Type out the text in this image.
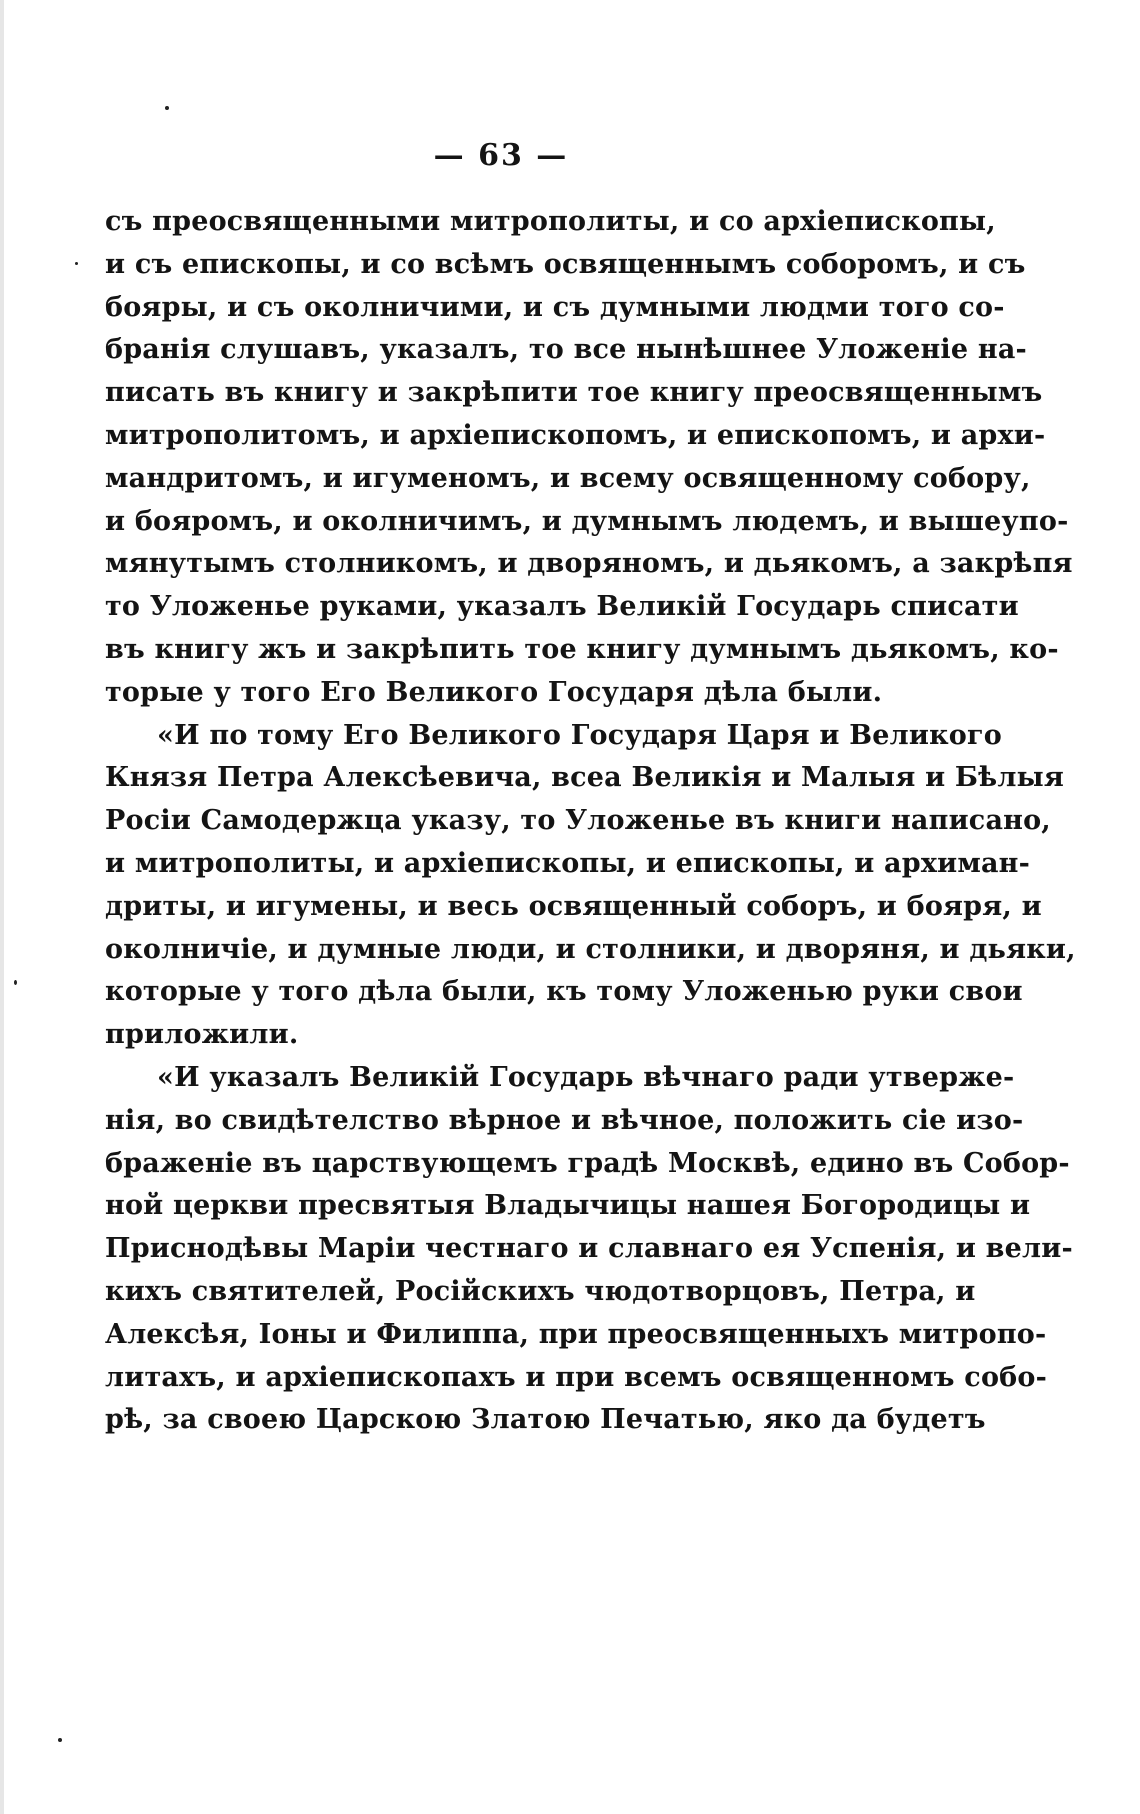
— 63 —
съ преосвященными митрополиты, и со архіепископы,
и съ епископы, и со всѣмъ освященнымъ соборомъ, и съ
бояры, и съ околничими, и съ думными людми того со-
бранія слушавъ, указалъ, то все нынѣшнее Уложеніе на-
писать въ книгу и закрѣпити тое книгу преосвященнымъ
митрополитомъ, и архіепископомъ, и епископомъ, и архи-
мандритомъ, и игуменомъ, и всему освященному собору,
и бояромъ, и околничимъ, и думнымъ людемъ, и вышеупо-
мянутымъ столникомъ, и дворяномъ, и дьякомъ, а закрѣпя
то Уложенье руками, указалъ Великій Государь списати
въ книгу жъ и закрѣпить тое книгу думнымъ дьякомъ, ко-
торые у того Его Великого Государя дѣла были.
«И по тому Его Великого Государя Царя и Великого
Князя Петра Алексѣевича, всеа Великія и Малыя и Бѣлыя
Росіи Самодержца указу, то Уложенье въ книги написано,
и митрополиты, и архіепископы, и епископы, и архиман-
дриты, и игумены, и весь освященный соборъ, и бояря, и
околничіе, и думные люди, и столники, и дворяня, и дьяки,
которые у того дѣла были, къ тому Уложенью руки свои
приложили.
«И указалъ Великій Государь вѣчнаго ради утверже-
нія, во свидѣтелство вѣрное и вѣчное, положить сіе изо-
браженіе въ царствующемъ градѣ Москвѣ, едино въ Собор-
ной церкви пресвятыя Владычицы нашея Богородицы и
Приснодѣвы Маріи честнаго и славнаго ея Успенія, и вели-
кихъ святителей, Російскихъ чюдотворцовъ, Петра, и
Алексѣя, Іоны и Филиппа, при преосвященныхъ митропо-
литахъ, и архіепископахъ и при всемъ освященномъ собо-
рѣ, за своею Царскою Златою Печатью, яко да будетъ
